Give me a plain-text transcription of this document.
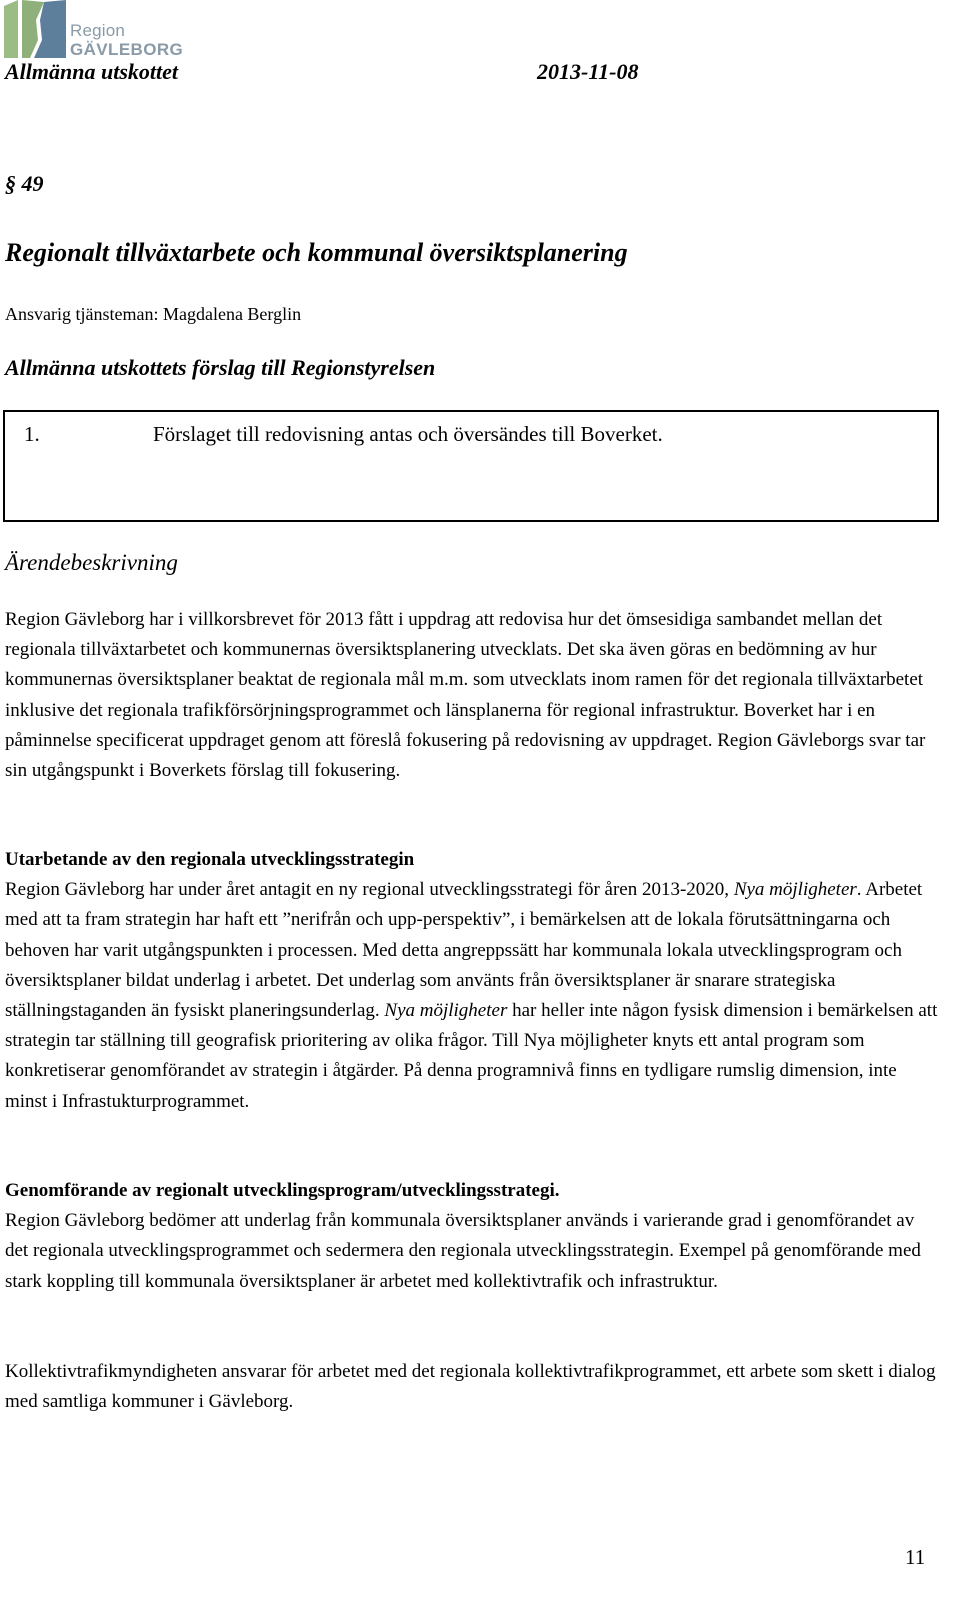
Region
GÄVLEBORG
Allmänna utskottet	2013-11-08
§ 49
Regionalt tillväxtarbete och kommunal översiktsplanering
Ansvarig tjänsteman: Magdalena Berglin
Allmänna utskottets förslag till Regionstyrelsen
1.	Förslaget till redovisning antas och översändes till Boverket.
Ärendebeskrivning
Region Gävleborg har i villkorsbrevet för 2013 fått i uppdrag att redovisa hur det ömsesidiga sambandet mellan det regionala tillväxtarbetet och kommunernas översiktsplanering utvecklats. Det ska även göras en bedömning av hur kommunernas översiktsplaner beaktat de regionala mål m.m. som utvecklats inom ramen för det regionala tillväxtarbetet inklusive det regionala trafikförsörjningsprogrammet och länsplanerna för regional infrastruktur. Boverket har i en påminnelse specificerat uppdraget genom att föreslå fokusering på redovisning av uppdraget. Region Gävleborgs svar tar sin utgångspunkt i Boverkets förslag till fokusering.
Utarbetande av den regionala utvecklingsstrategin
Region Gävleborg har under året antagit en ny regional utvecklingsstrategi för åren 2013-2020, Nya möjligheter. Arbetet med att ta fram strategin har haft ett ”nerifrån och upp-perspektiv”, i bemärkelsen att de lokala förutsättningarna och behoven har varit utgångspunkten i processen. Med detta angreppssätt har kommunala lokala utvecklingsprogram och översiktsplaner bildat underlag i arbetet. Det underlag som använts från översiktsplaner är snarare strategiska ställningstaganden än fysiskt planeringsunderlag. Nya möjligheter har heller inte någon fysisk dimension i bemärkelsen att strategin tar ställning till geografisk prioritering av olika frågor. Till Nya möjligheter knyts ett antal program som konkretiserar genomförandet av strategin i åtgärder. På denna programnivå finns en tydligare rumslig dimension, inte minst i Infrastukturprogrammet.
Genomförande av regionalt utvecklingsprogram/utvecklingsstrategi.
Region Gävleborg bedömer att underlag från kommunala översiktsplaner används i varierande grad i genomförandet av det regionala utvecklingsprogrammet och sedermera den regionala utvecklingsstrategin. Exempel på genomförande med stark koppling till kommunala översiktsplaner är arbetet med kollektivtrafik och infrastruktur.
Kollektivtrafikmyndigheten ansvarar för arbetet med det regionala kollektivtrafikprogrammet, ett arbete som skett i dialog med samtliga kommuner i Gävleborg.
11
